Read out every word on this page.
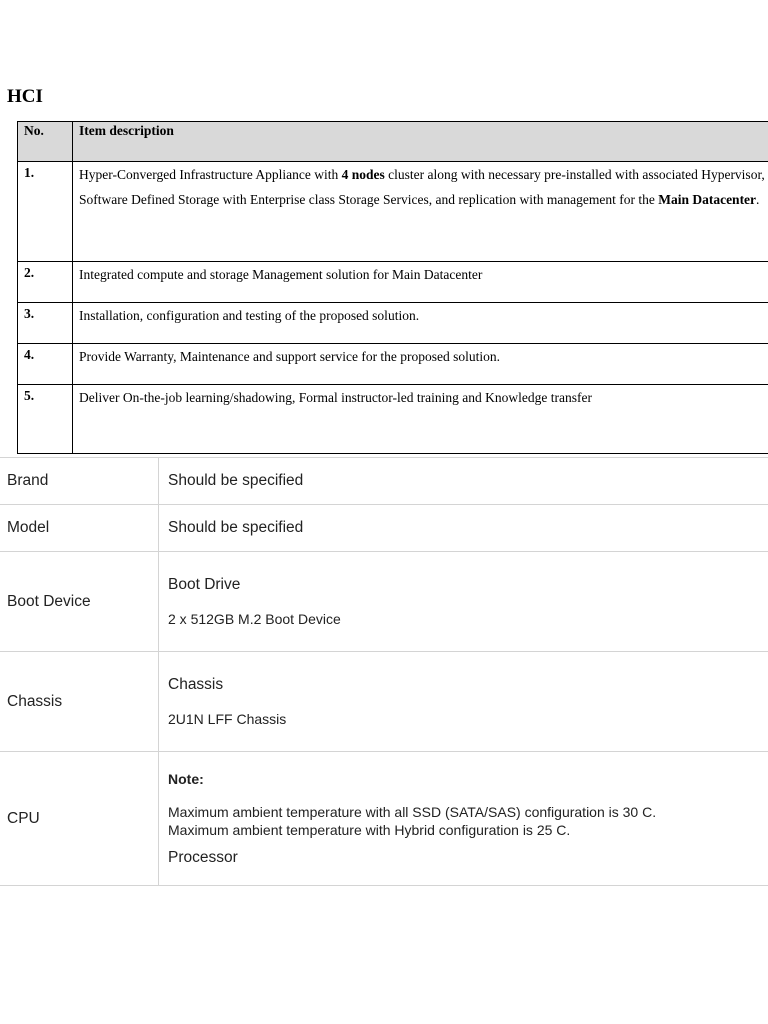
HCI
No.	Item description
1.	Hyper-Converged Infrastructure Appliance with 4 nodes cluster along with necessary pre-installed with associated Hypervisor, Software Defined Storage with Enterprise class Storage Services, and replication with management for the Main Datacenter.
2.	Integrated compute and storage Management solution for Main Datacenter
3.	Installation, configuration and testing of the proposed solution.
4.	Provide Warranty, Maintenance and support service for the proposed solution.
5.	Deliver On-the-job learning/shadowing, Formal instructor-led training and Knowledge transfer
Brand	Should be specified
Model	Should be specified
Boot Device	Boot Drive

2 x 512GB M.2 Boot Device

Chassis	Chassis

2U1N LFF Chassis

CPU	Note:

Maximum ambient temperature with all SSD (SATA/SAS) configuration is 30 C.

Maximum ambient temperature with Hybrid configuration is 25 C.

Processor
